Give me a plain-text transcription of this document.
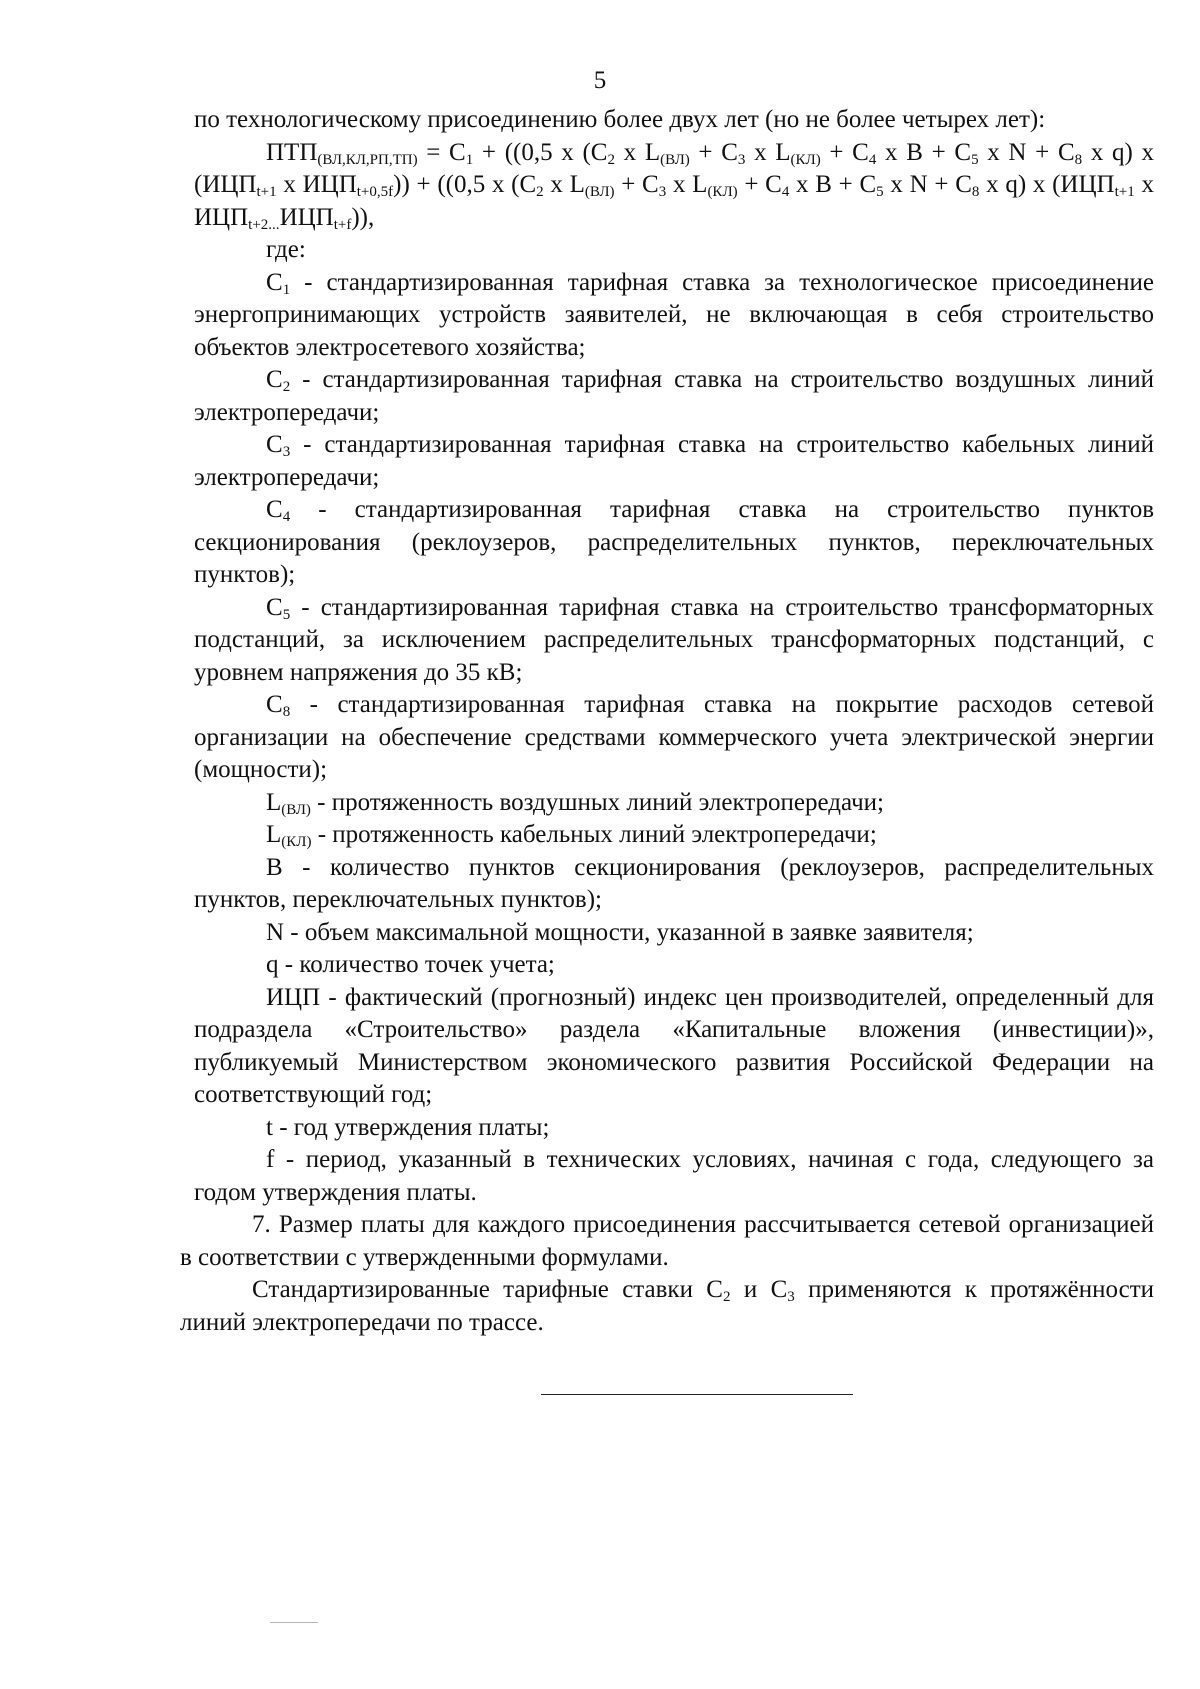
5

по технологическому присоединению более двух лет (но не более четырех лет):

$ПТП_{(ВЛ,КЛ,РП,ТП)} = C_1 + ((0,5$ x ($C_2$ x $L_{(ВЛ)} + C_3$ x $L_{(КЛ)} + C_4$ x $B + C_5$ x $N + C_8$ x q) x ($ИЦП_{t+1}$ x $ИЦП_{t+0,5f})) + ((0,5$ x ($C_2$ x $L_{(ВЛ)} + C_3$ x $L_{(КЛ)} + C_4$ x $B + C_5$ x $N + C_8$ x q) x ($ИЦП_{t+1}$ x $ИЦП_{t+2...}ИЦП_{t+f}$)),

где:

$C_1$ - стандартизированная тарифная ставка за технологическое присоединение энергопринимающих устройств заявителей, не включающая в себя строительство объектов электросетевого хозяйства;

$C_2$ - стандартизированная тарифная ставка на строительство воздушных линий электропередачи;

$C_3$ - стандартизированная тарифная ставка на строительство кабельных линий электропередачи;

$C_4$ - стандартизированная тарифная ставка на строительство пунктов секционирования (реклоузеров, распределительных пунктов, переключательных пунктов);

$C_5$ - стандартизированная тарифная ставка на строительство трансформаторных подстанций, за исключением распределительных трансформаторных подстанций, с уровнем напряжения до 35 кВ;

$C_8$ - стандартизированная тарифная ставка на покрытие расходов сетевой организации на обеспечение средствами коммерческого учета электрической энергии (мощности);

$L_{(ВЛ)}$ - протяженность воздушных линий электропередачи;

$L_{(КЛ)}$ - протяженность кабельных линий электропередачи;

B - количество пунктов секционирования (реклоузеров, распределительных пунктов, переключательных пунктов);

N - объем максимальной мощности, указанной в заявке заявителя;

q - количество точек учета;

ИЦП - фактический (прогнозный) индекс цен производителей, определенный для подраздела «Строительство» раздела «Капитальные вложения (инвестиции)», публикуемый Министерством экономического развития Российской Федерации на соответствующий год;

t - год утверждения платы;

f - период, указанный в технических условиях, начиная с года, следующего за годом утверждения платы.

7. Размер платы для каждого присоединения рассчитывается сетевой организацией в соответствии с утвержденными формулами.

Стандартизированные тарифные ставки $C_2$ и $C_3$ применяются к протяжённости линий электропередачи по трассе.
